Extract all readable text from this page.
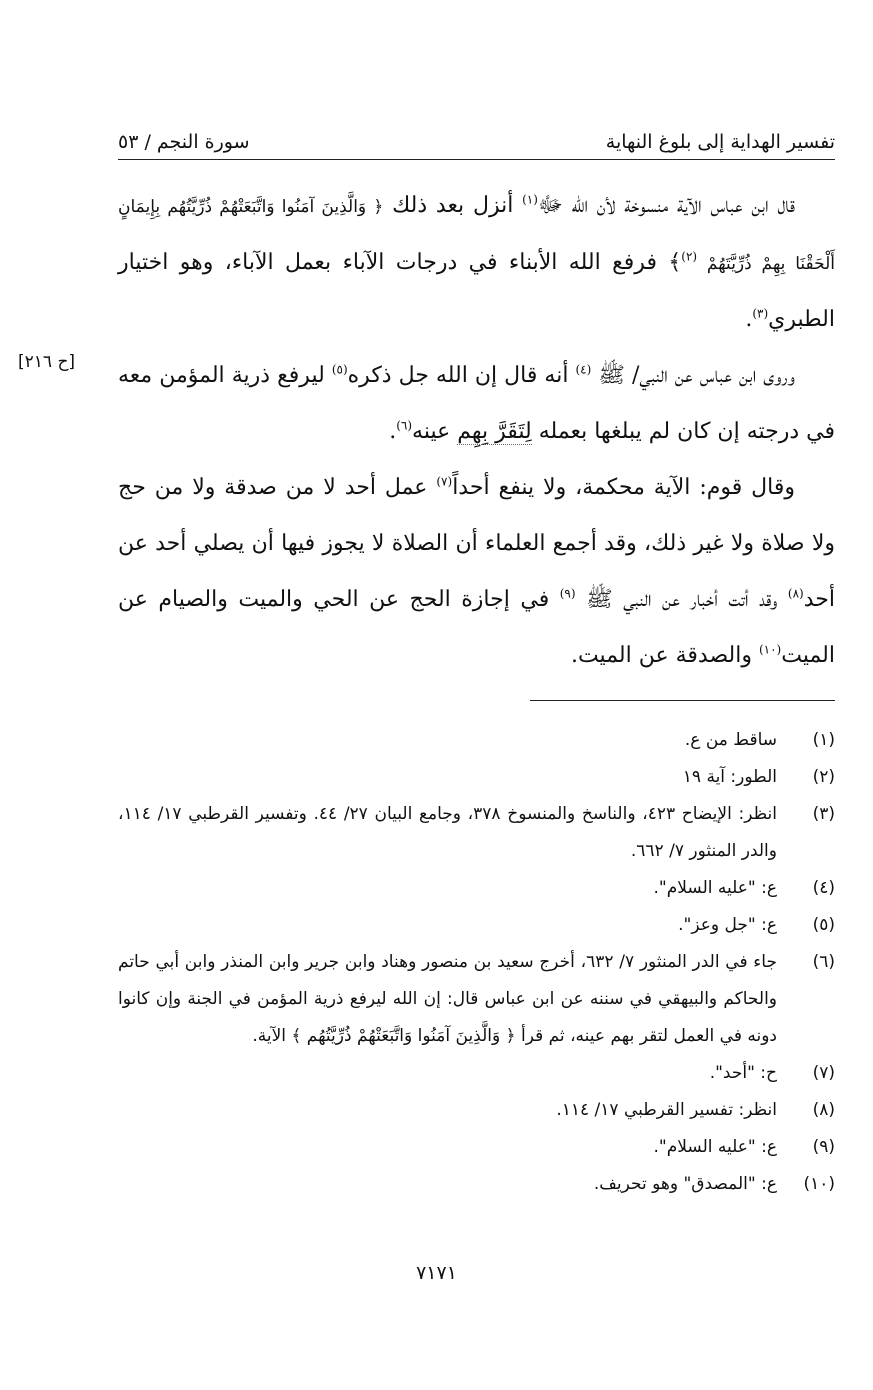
تفسير الهداية إلى بلوغ النهاية
سورة النجم / ٥٣
[ح ٢١٦]

قال ابن عباس الآية منسوخة لأن الله ﷻ$^{(١)}$ أنزل بعد ذلك ﴿ وَالَّذِينَ آمَنُوا وَاتَّبَعَتْهُمْ ذُرِّيَّتُهُم بِإِيمَانٍ أَلْحَقْنَا بِهِمْ ذُرِّيَّتَهُمْ $^{(٢)}$﴾ فرفع الله الأبناء في درجات الآباء بعمل الآباء، وهو اختيار الطبري$^{(٣)}$.

وروى ابن عباس عن النبي/ ﷺ $^{(٤)}$ أنه قال إن الله جل ذكره$^{(٥)}$ ليرفع ذرية المؤمن معه في درجته إن كان لم يبلغها بعمله لِتَقَرَّ بِهِم عينه$^{(٦)}$.

وقال قوم: الآية محكمة، ولا ينفع أحداً$^{(٧)}$ عمل أحد لا من صدقة ولا من حج ولا صلاة ولا غير ذلك، وقد أجمع العلماء أن الصلاة لا يجوز فيها أن يصلي أحد عن أحد$^{(٨)}$ وقد أتت أخبار عن النبي ﷺ $^{(٩)}$ في إجازة الحج عن الحي والميت والصيام عن الميت$^{(١٠)}$ والصدقة عن الميت.

(١)
ساقط من ع.
(٢)
الطور: آية ١٩
(٣)
انظر: الإيضاح ٤٢٣، والناسخ والمنسوخ ٣٧٨، وجامع البيان ٢٧/ ٤٤. وتفسير القرطبي ١٧/ ١١٤، والدر المنثور ٧/ ٦٦٢.
(٤)
ع: "عليه السلام".
(٥)
ع: "جل وعز".
(٦)
جاء في الدر المنثور ٧/ ٦٣٢، أخرج سعيد بن منصور وهناد وابن جرير وابن المنذر وابن أبي حاتم والحاكم والبيهقي في سننه عن ابن عباس قال: إن الله ليرفع ذرية المؤمن في الجنة وإن كانوا دونه في العمل لتقر بهم عينه، ثم قرأ ﴿ وَالَّذِينَ آمَنُوا وَاتَّبَعَتْهُمْ ذُرِّيَّتُهُم ﴾ الآية.
(٧)
ح: "أحد".
(٨)
انظر: تفسير القرطبي ١٧/ ١١٤.
(٩)
ع: "عليه السلام".
(١٠)
ع: "المصدق" وهو تحريف.
٧١٧١
